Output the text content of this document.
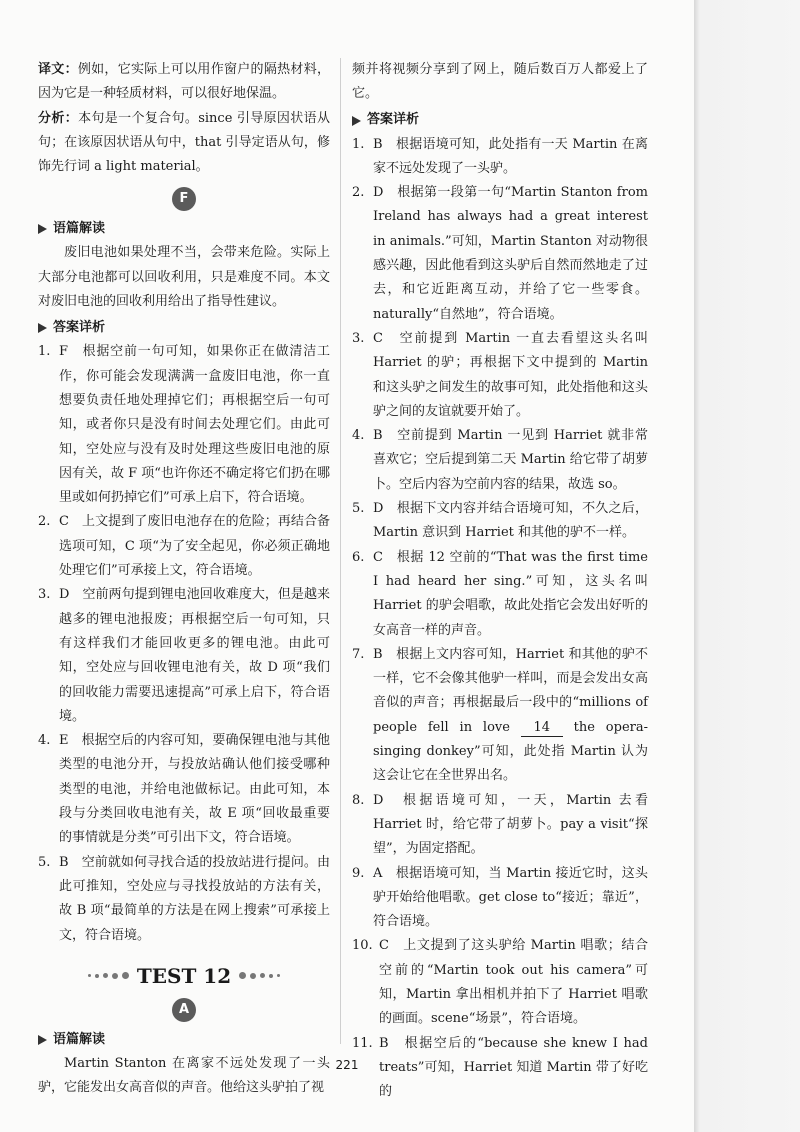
译文：例如，它实际上可以用作窗户的隔热材料，因为它是一种轻质材料，可以很好地保温。

分析：本句是一个复合句。since 引导原因状语从句；在该原因状语从句中，that 引导定语从句，修饰先行词 a light material。

F
语篇解读

废旧电池如果处理不当，会带来危险。实际上大部分电池都可以回收利用，只是难度不同。本文对废旧电池的回收利用给出了指导性建议。

答案详析
1. F　根据空前一句可知，如果你正在做清洁工作，你可能会发现满满一盒废旧电池，你一直想要负责任地处理掉它们；再根据空后一句可知，或者你只是没有时间去处理它们。由此可知，空处应与没有及时处理这些废旧电池的原因有关，故 F 项“也许你还不确定将它们扔在哪里或如何扔掉它们”可承上启下，符合语境。
2. C　上文提到了废旧电池存在的危险；再结合备选项可知，C 项“为了安全起见，你必须正确地处理它们”可承接上文，符合语境。
3. D　空前两句提到锂电池回收难度大，但是越来越多的锂电池报废；再根据空后一句可知，只有这样我们才能回收更多的锂电池。由此可知，空处应与回收锂电池有关，故 D 项“我们的回收能力需要迅速提高”可承上启下，符合语境。
4. E　根据空后的内容可知，要确保锂电池与其他类型的电池分开，与投放站确认他们接受哪种类型的电池，并给电池做标记。由此可知，本段与分类回收电池有关，故 E 项“回收最重要的事情就是分类”可引出下文，符合语境。
5. B　空前就如何寻找合适的投放站进行提问。由此可推知，空处应与寻找投放站的方法有关，故 B 项“最简单的方法是在网上搜索”可承接上文，符合语境。
TEST 12
A
语篇解读

Martin Stanton 在离家不远处发现了一头驴，它能发出女高音似的声音。他给这头驴拍了视

频并将视频分享到了网上，随后数百万人都爱上了它。

答案详析
1. B　根据语境可知，此处指有一天 Martin 在离家不远处发现了一头驴。
2. D　根据第一段第一句“Martin Stanton from Ireland has always had a great interest in animals.”可知，Martin Stanton 对动物很感兴趣，因此他看到这头驴后自然而然地走了过去，和它近距离互动，并给了它一些零食。naturally“自然地”，符合语境。
3. C　空前提到 Martin 一直去看望这头名叫 Harriet 的驴；再根据下文中提到的 Martin 和这头驴之间发生的故事可知，此处指他和这头驴之间的友谊就要开始了。
4. B　空前提到 Martin 一见到 Harriet 就非常喜欢它；空后提到第二天 Martin 给它带了胡萝卜。空后内容为空前内容的结果，故选 so。
5. D　根据下文内容并结合语境可知，不久之后，Martin 意识到 Harriet 和其他的驴不一样。
6. C　根据 12 空前的“That was the first time I had heard her sing.”可知，这头名叫 Harriet 的驴会唱歌，故此处指它会发出好听的女高音一样的声音。
7. B　根据上文内容可知，Harriet 和其他的驴不一样，它不会像其他驴一样叫，而是会发出女高音似的声音；再根据最后一段中的“millions of people fell in love 14 the opera-singing donkey”可知，此处指 Martin 认为这会让它在全世界出名。
8. D　根据语境可知，一天，Martin 去看 Harriet 时，给它带了胡萝卜。pay a visit“探望”，为固定搭配。
9. A　根据语境可知，当 Martin 接近它时，这头驴开始给他唱歌。get close to“接近；靠近”，符合语境。
10. C　上文提到了这头驴给 Martin 唱歌；结合空前的“Martin took out his camera”可知，Martin 拿出相机并拍下了 Harriet 唱歌的画面。scene“场景”，符合语境。
11. B　根据空后的“because she knew I had treats”可知，Harriet 知道 Martin 带了好吃的
221
